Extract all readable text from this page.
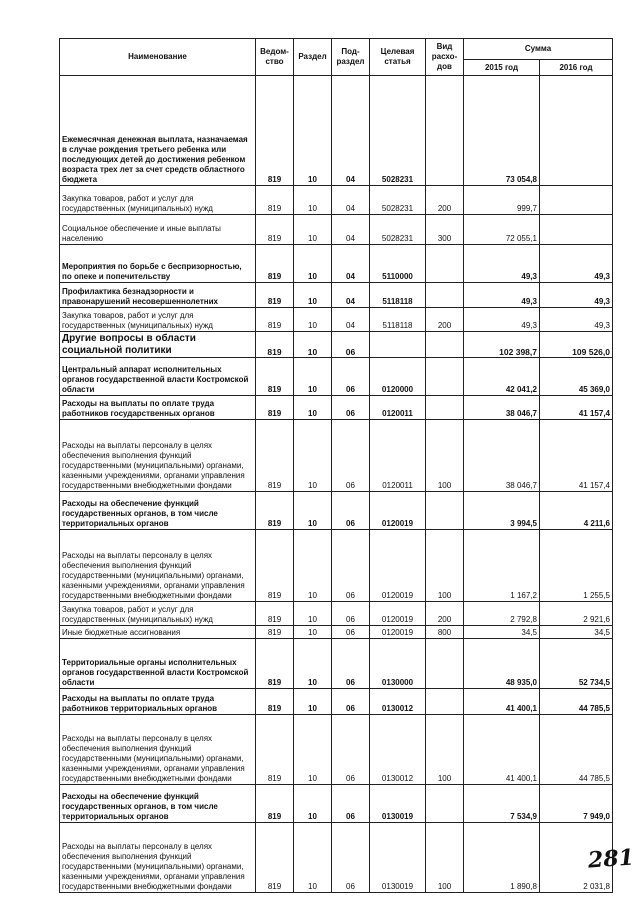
Наименование	Ведом-ство	Раздел	Под-раздел	Целевая статья	Вид расхо-дов	Сумма	
						2015 год	2016 год
Ежемесячная денежная выплата, назначаемая в случае рождения третьего ребенка или последующих детей до достижения ребенком возраста трех лет за счет средств областного бюджета	819	10	04	5028231		73 054,8	
Закупка товаров, работ и услуг для государственных (муниципальных) нужд	819	10	04	5028231	200	999,7	
Социальное обеспечение и иные выплаты населению	819	10	04	5028231	300	72 055,1	
Мероприятия по борьбе с беспризорностью, по опеке и попечительству	819	10	04	5110000		49,3	49,3
Профилактика безнадзорности и правонарушений несовершеннолетних	819	10	04	5118118		49,3	49,3
Закупка товаров, работ и услуг для государственных (муниципальных) нужд	819	10	04	5118118	200	49,3	49,3
Другие вопросы в области социальной политики	819	10	06			102 398,7	109 526,0
Центральный аппарат исполнительных органов государственной власти Костромской области	819	10	06	0120000		42 041,2	45 369,0
Расходы на выплаты по оплате труда работников государственных органов	819	10	06	0120011		38 046,7	41 157,4
Расходы на выплаты персоналу в целях обеспечения выполнения функций государственными (муниципальными) органами, казенными учреждениями, органами управления государственными внебюджетными фондами	819	10	06	0120011	100	38 046,7	41 157,4
Расходы на обеспечение функций государственных органов, в том числе территориальных органов	819	10	06	0120019		3 994,5	4 211,6
Расходы на выплаты персоналу в целях обеспечения выполнения функций государственными (муниципальными) органами, казенными учреждениями, органами управления государственными внебюджетными фондами	819	10	06	0120019	100	1 167,2	1 255,5
Закупка товаров, работ и услуг для государственных (муниципальных) нужд	819	10	06	0120019	200	2 792,8	2 921,6
Иные бюджетные ассигнования	819	10	06	0120019	800	34,5	34,5
Территориальные органы исполнительных органов государственной власти Костромской области	819	10	06	0130000		48 935,0	52 734,5
Расходы на выплаты по оплате труда работников территориальных органов	819	10	06	0130012		41 400,1	44 785,5
Расходы на выплаты персоналу в целях обеспечения выполнения функций государственными (муниципальными) органами, казенными учреждениями, органами управления государственными внебюджетными фондами	819	10	06	0130012	100	41 400,1	44 785,5
Расходы на обеспечение функций государственных органов, в том числе территориальных органов	819	10	06	0130019		7 534,9	7 949,0
Расходы на выплаты персоналу в целях обеспечения выполнения функций государственными (муниципальными) органами, казенными учреждениями, органами управления государственными внебюджетными фондами	819	10	06	0130019	100	1 890,8	2 031,8
281
